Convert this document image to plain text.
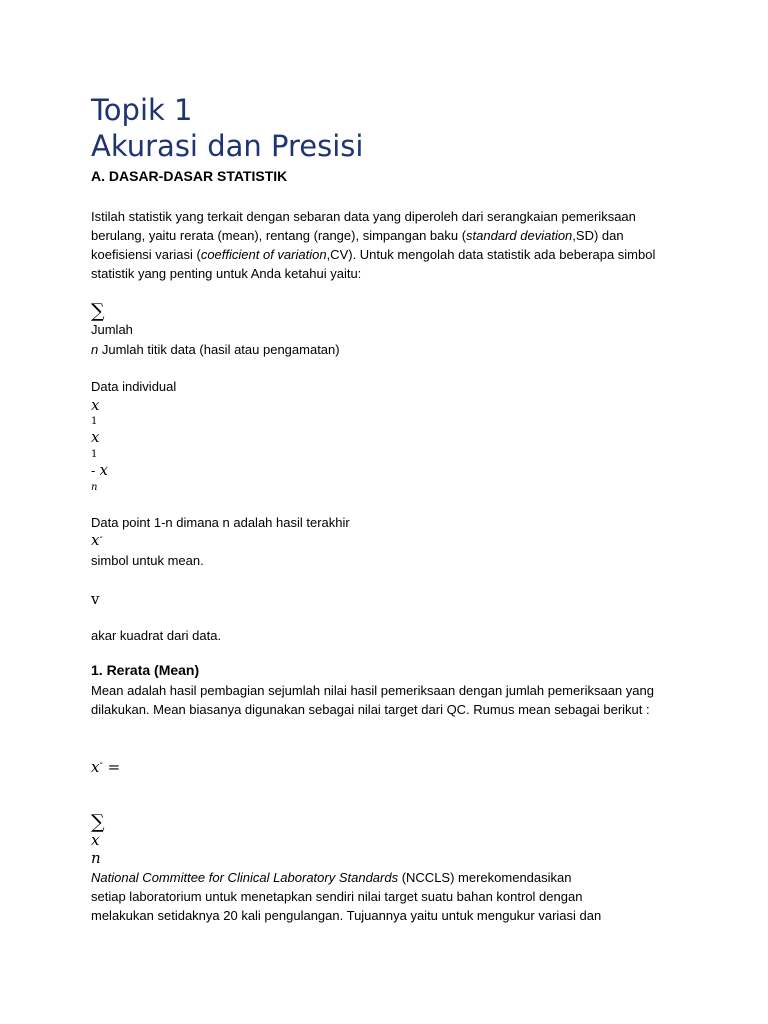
Topik 1
Akurasi dan Presisi
A. DASAR-DASAR STATISTIK
Istilah statistik yang terkait dengan sebaran data yang diperoleh dari serangkaian pemeriksaan berulang, yaitu rerata (mean), rentang (range), simpangan baku (standard deviation,SD) dan koefisiensi variasi (coefficient of variation,CV). Untuk mengolah data statistik ada beberapa simbol statistik yang penting untuk Anda ketahui yaitu:
∑
Jumlah
n Jumlah titik data (hasil atau pengamatan)
Data individual
x
1
x
1
- x
n
Data point 1-n dimana n adalah hasil terakhir
x-
simbol untuk mean.
v
akar kuadrat dari data.
1. Rerata (Mean)
Mean adalah hasil pembagian sejumlah nilai hasil pemeriksaan dengan jumlah pemeriksaan yang dilakukan. Mean biasanya digunakan sebagai nilai target dari QC. Rumus mean sebagai berikut :
x- =
∑
x
n
National Committee for Clinical Laboratory Standards (NCCLS) merekomendasikan
setiap laboratorium untuk menetapkan sendiri nilai target suatu bahan kontrol dengan
melakukan setidaknya 20 kali pengulangan. Tujuannya yaitu untuk mengukur variasi dan
